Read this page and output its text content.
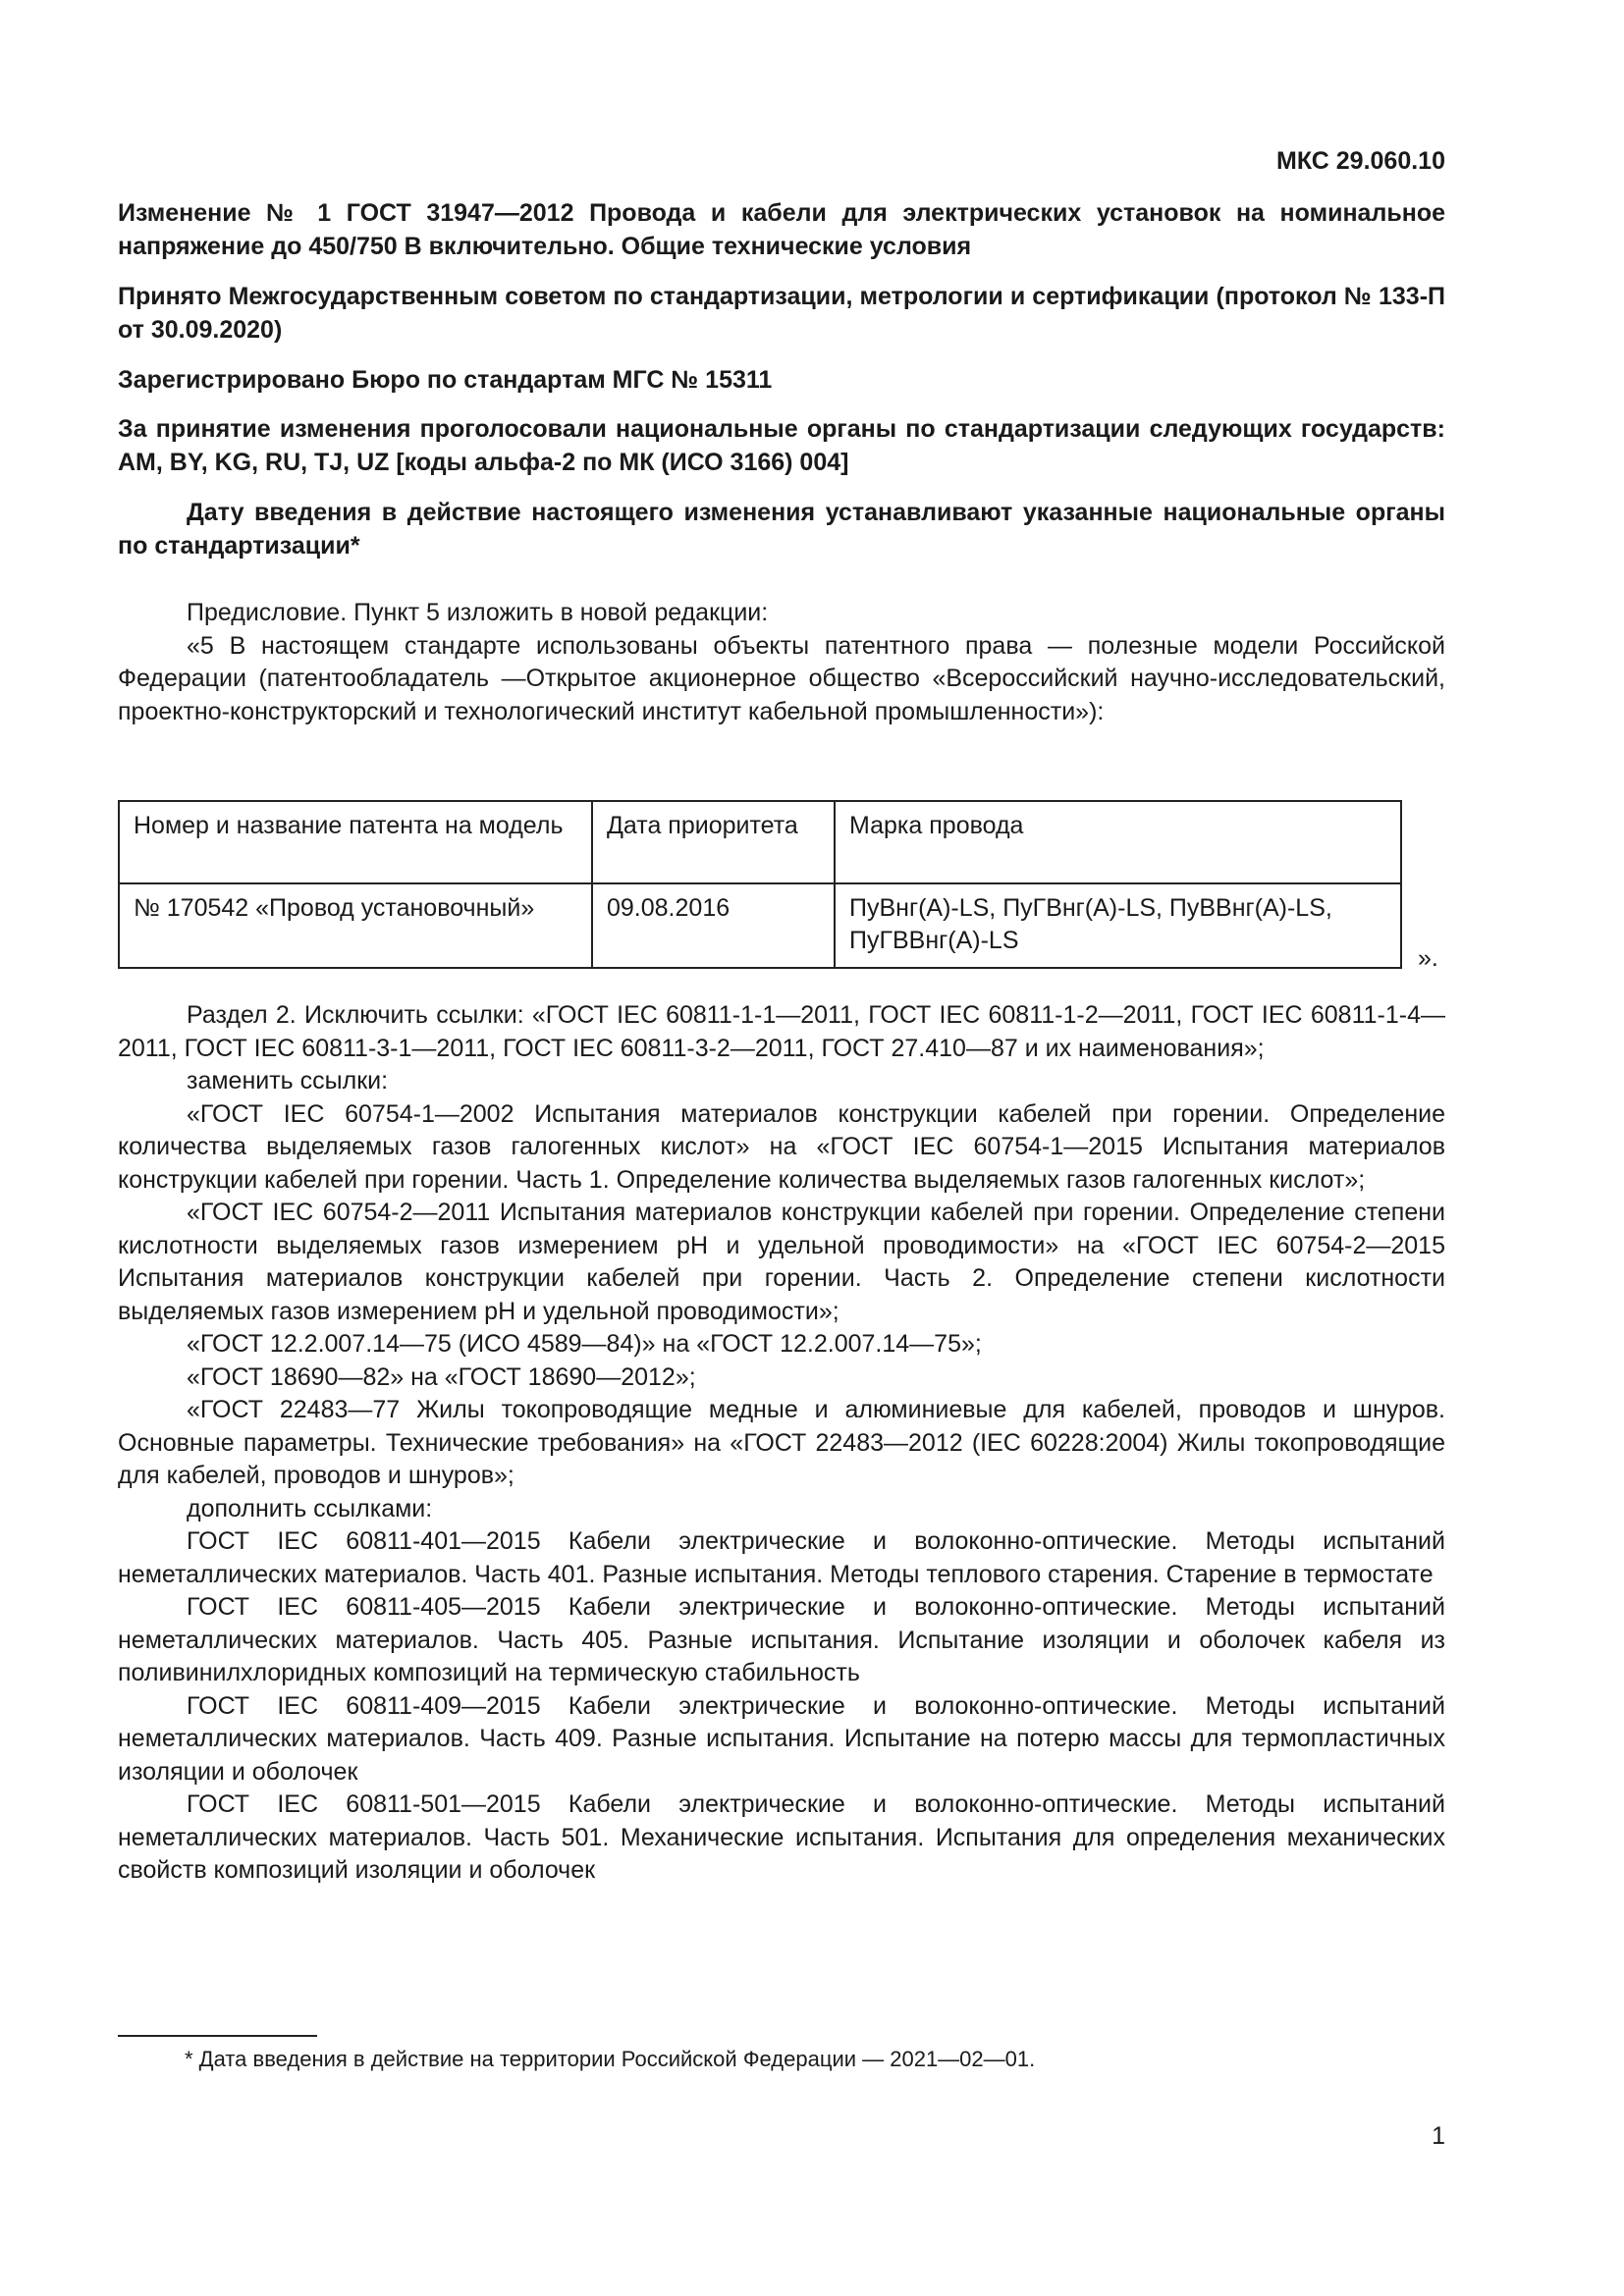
МКС 29.060.10

Изменение № 1 ГОСТ 31947—2012 Провода и кабели для электрических установок на номинальное напряжение до 450/750 В включительно. Общие технические условия

Принято Межгосударственным советом по стандартизации, метрологии и сертификации (протокол № 133-П от 30.09.2020)

Зарегистрировано Бюро по стандартам МГС № 15311

За принятие изменения проголосовали национальные органы по стандартизации следующих государств: AM, BY, KG, RU, TJ, UZ [коды альфа-2 по МК (ИСО 3166) 004]

Дату введения в действие настоящего изменения устанавливают указанные национальные органы по стандартизации*

Предисловие. Пункт 5 изложить в новой редакции:

«5 В настоящем стандарте использованы объекты патентного права — полезные модели Российской Федерации (патентообладатель —Открытое акционерное общество «Всероссийский научно-исследовательский, проектно-конструкторский и технологический институт кабельной промышленности»):

Номер и название патента на модель	Дата приоритета	Марка провода
№ 170542 «Провод установочный»	09.08.2016	ПуВнг(А)-LS, ПуГВнг(А)-LS, ПуВВнг(А)-LS, ПуГВВнг(А)-LS
».

Раздел 2. Исключить ссылки: «ГОСТ IEC 60811-1-1—2011, ГОСТ IEC 60811-1-2—2011, ГОСТ IEC 60811-1-4—2011, ГОСТ IEC 60811-3-1—2011, ГОСТ IEC 60811-3-2—2011, ГОСТ 27.410—87 и их наименования»;

заменить ссылки:

«ГОСТ IEC 60754-1—2002 Испытания материалов конструкции кабелей при горении. Определение количества выделяемых газов галогенных кислот» на «ГОСТ IEC 60754-1—2015 Испытания материалов конструкции кабелей при горении. Часть 1. Определение количества выделяемых газов галогенных кислот»;

«ГОСТ IEC 60754-2—2011 Испытания материалов конструкции кабелей при горении. Определение степени кислотности выделяемых газов измерением pH и удельной проводимости» на «ГОСТ IEC 60754-2—2015 Испытания материалов конструкции кабелей при горении. Часть 2. Определение степени кислотности выделяемых газов измерением pH и удельной проводимости»;

«ГОСТ 12.2.007.14—75 (ИСО 4589—84)» на «ГОСТ 12.2.007.14—75»;

«ГОСТ 18690—82» на «ГОСТ 18690—2012»;

«ГОСТ 22483—77 Жилы токопроводящие медные и алюминиевые для кабелей, проводов и шнуров. Основные параметры. Технические требования» на «ГОСТ 22483—2012 (IEC 60228:2004) Жилы токопроводящие для кабелей, проводов и шнуров»;

дополнить ссылками:

ГОСТ IEC 60811-401—2015 Кабели электрические и волоконно-оптические. Методы испытаний неметаллических материалов. Часть 401. Разные испытания. Методы теплового старения. Старение в термостате

ГОСТ IEC 60811-405—2015 Кабели электрические и волоконно-оптические. Методы испытаний неметаллических материалов. Часть 405. Разные испытания. Испытание изоляции и оболочек кабеля из поливинилхлоридных композиций на термическую стабильность

ГОСТ IEC 60811-409—2015 Кабели электрические и волоконно-оптические. Методы испытаний неметаллических материалов. Часть 409. Разные испытания. Испытание на потерю массы для термопластичных изоляции и оболочек

ГОСТ IEC 60811-501—2015 Кабели электрические и волоконно-оптические. Методы испытаний неметаллических материалов. Часть 501. Механические испытания. Испытания для определения механических свойств композиций изоляции и оболочек

* Дата введения в действие на территории Российской Федерации — 2021—02—01.
1
